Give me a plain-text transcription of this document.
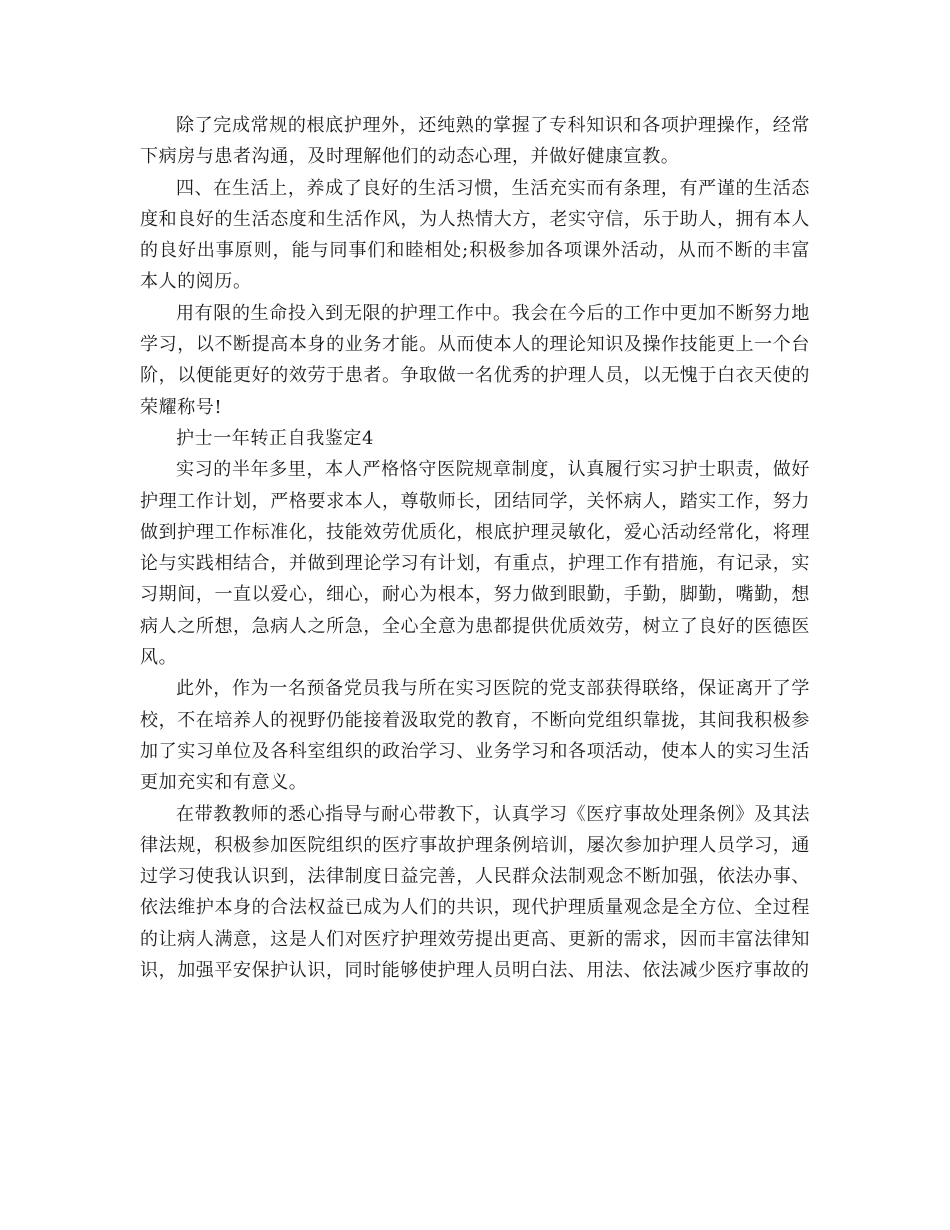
除了完成常规的根底护理外，还纯熟的掌握了专科知识和各项护理操作，经常下病房与患者沟通，及时理解他们的动态心理，并做好健康宣教。

四、在生活上，养成了良好的生活习惯，生活充实而有条理，有严谨的生活态度和良好的生活态度和生活作风，为人热情大方，老实守信，乐于助人，拥有本人的良好出事原则，能与同事们和睦相处;积极参加各项课外活动，从而不断的丰富本人的阅历。

用有限的生命投入到无限的护理工作中。我会在今后的工作中更加不断努力地学习，以不断提高本身的业务才能。从而使本人的理论知识及操作技能更上一个台阶，以便能更好的效劳于患者。争取做一名优秀的护理人员，以无愧于白衣天使的荣耀称号!

护士一年转正自我鉴定4

实习的半年多里，本人严格恪守医院规章制度，认真履行实习护士职责，做好护理工作计划，严格要求本人，尊敬师长，团结同学，关怀病人，踏实工作，努力做到护理工作标准化，技能效劳优质化，根底护理灵敏化，爱心活动经常化，将理论与实践相结合，并做到理论学习有计划，有重点，护理工作有措施，有记录，实习期间，一直以爱心，细心，耐心为根本，努力做到眼勤，手勤，脚勤，嘴勤，想病人之所想，急病人之所急，全心全意为患都提供优质效劳，树立了良好的医德医风。

此外，作为一名预备党员我与所在实习医院的党支部获得联络，保证离开了学校，不在培养人的视野仍能接着汲取党的教育，不断向党组织靠拢，其间我积极参加了实习单位及各科室组织的政治学习、业务学习和各项活动，使本人的实习生活更加充实和有意义。

在带教教师的悉心指导与耐心带教下，认真学习《医疗事故处理条例》及其法律法规，积极参加医院组织的医疗事故护理条例培训，屡次参加护理人员学习，通过学习使我认识到，法律制度日益完善，人民群众法制观念不断加强，依法办事、依法维护本身的合法权益已成为人们的共识，现代护理质量观念是全方位、全过程的让病人满意，这是人们对医疗护理效劳提出更高、更新的需求，因而丰富法律知识，加强平安保护认识，同时能够使护理人员明白法、用法、依法减少医疗事故的
